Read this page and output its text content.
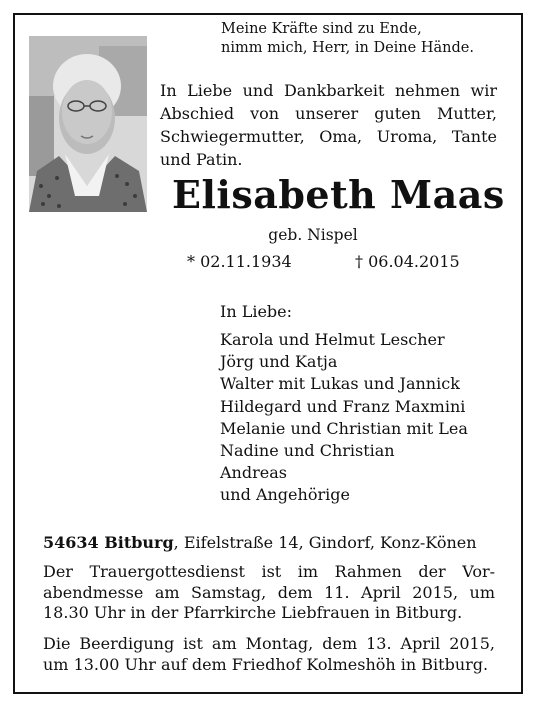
Meine Kräfte sind zu Ende,
nimm mich, Herr, in Deine Hände.
In Liebe und Dankbarkeit nehmen wir
Abschied von unserer guten Mutter,
Schwiegermutter, Oma, Uroma, Tante
und Patin.
Elisabeth Maas
geb. Nispel
* 02.11.1934	† 06.04.2015
In Liebe:
Karola und Helmut Lescher
Jörg und Katja
Walter mit Lukas und Jannick
Hildegard und Franz Maxmini
Melanie und Christian mit Lea
Nadine und Christian
Andreas
und Angehörige
54634 Bitburg, Eifelstraße 14, Gindorf, Konz-Könen
Der Trauergottesdienst ist im Rahmen der Vor-
abendmesse am Samstag, dem 11. April 2015, um
18.30 Uhr in der Pfarrkirche Liebfrauen in Bitburg.
Die Beerdigung ist am Montag, dem 13. April 2015,
um 13.00 Uhr auf dem Friedhof Kolmeshöh in Bitburg.
